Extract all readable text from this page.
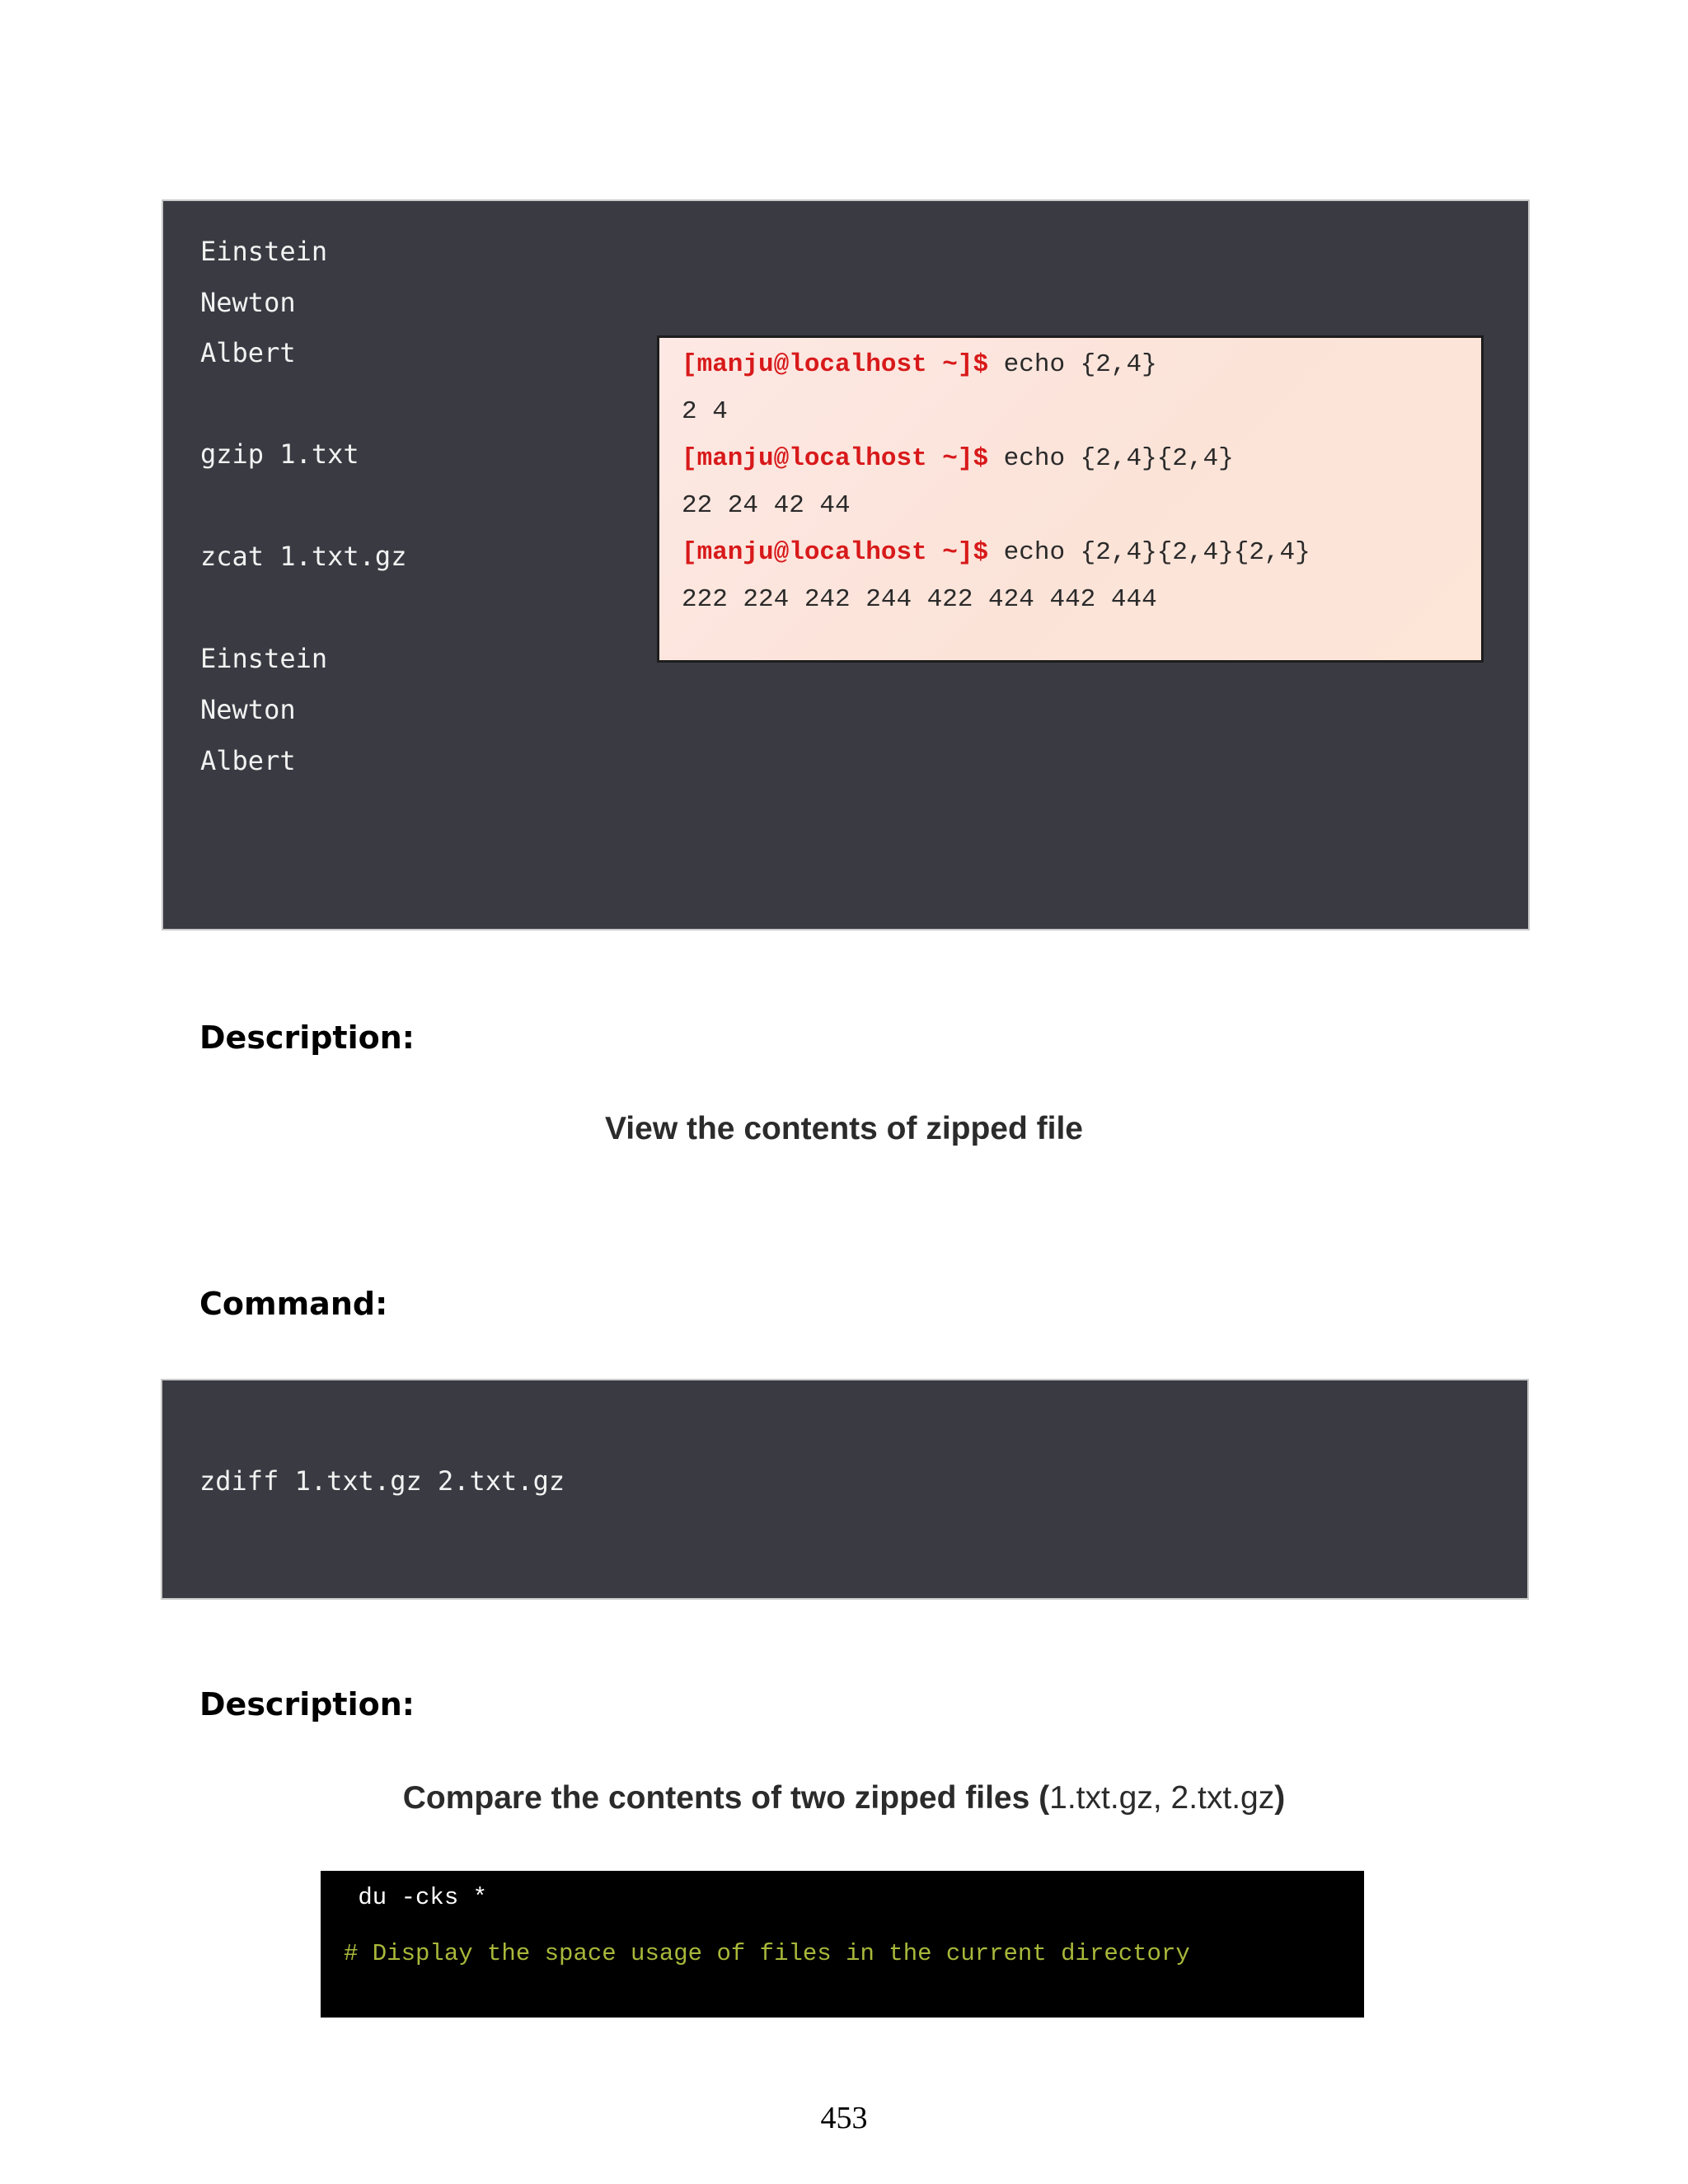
Einstein
Newton
Albert
gzip 1.txt
zcat 1.txt.gz
Einstein
Newton
Albert
[manju@localhost ~]$ echo {2,4}
2 4
[manju@localhost ~]$ echo {2,4}{2,4}
22 24 42 44
[manju@localhost ~]$ echo {2,4}{2,4}{2,4}
222 224 242 244 422 424 442 444
Description:
View the contents of zipped file
Command:
zdiff 1.txt.gz 2.txt.gz
Description:
Compare the contents of two zipped files (1.txt.gz, 2.txt.gz)
du -cks *
# Display the space usage of files in the current directory
453
